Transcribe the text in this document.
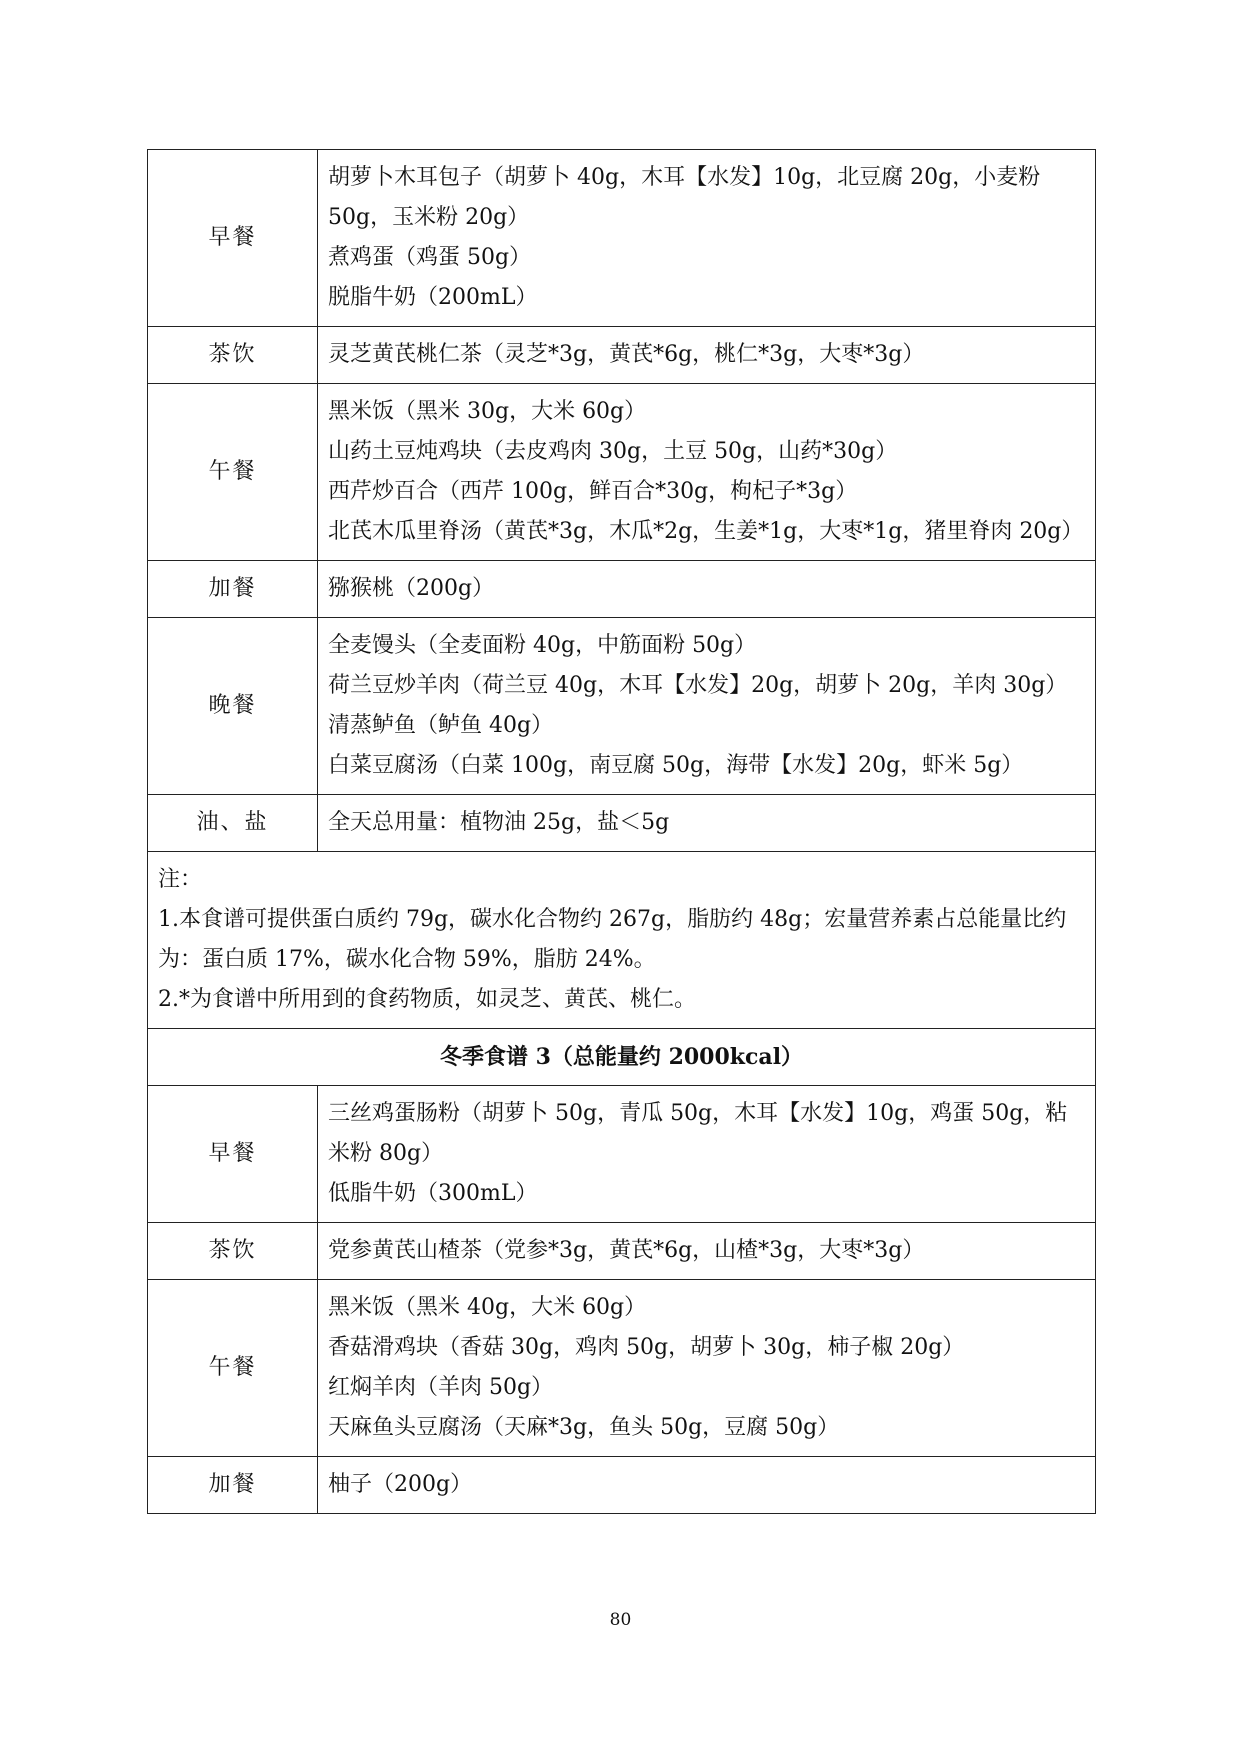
早餐	胡萝卜木耳包子（胡萝卜 40g，木耳【水发】10g，北豆腐 20g，小麦粉 50g，玉米粉 20g）
煮鸡蛋（鸡蛋 50g）
脱脂牛奶（200mL）

茶饮	灵芝黄芪桃仁茶（灵芝*3g，黄芪*6g，桃仁*3g，大枣*3g）

午餐	黑米饭（黑米 30g，大米 60g）
山药土豆炖鸡块（去皮鸡肉 30g，土豆 50g，山药*30g）
西芹炒百合（西芹 100g，鲜百合*30g，枸杞子*3g）
北芪木瓜里脊汤（黄芪*3g，木瓜*2g，生姜*1g，大枣*1g，猪里脊肉 20g）

加餐	猕猴桃（200g）

晚餐	全麦馒头（全麦面粉 40g，中筋面粉 50g）
荷兰豆炒羊肉（荷兰豆 40g，木耳【水发】20g，胡萝卜 20g，羊肉 30g）
清蒸鲈鱼（鲈鱼 40g）
白菜豆腐汤（白菜 100g，南豆腐 50g，海带【水发】20g，虾米 5g）

油、盐	全天总用量：植物油 25g，盐＜5g

注：
1.本食谱可提供蛋白质约 79g，碳水化合物约 267g，脂肪约 48g；宏量营养素占总能量比约为：蛋白质 17%，碳水化合物 59%，脂肪 24%。
2.*为食谱中所用到的食药物质，如灵芝、黄芪、桃仁。	

冬季食谱 3（总能量约 2000kcal）	
早餐	三丝鸡蛋肠粉（胡萝卜 50g，青瓜 50g，木耳【水发】10g，鸡蛋 50g，粘米粉 80g）
低脂牛奶（300mL）

茶饮	党参黄芪山楂茶（党参*3g，黄芪*6g，山楂*3g，大枣*3g）

午餐	黑米饭（黑米 40g，大米 60g）
香菇滑鸡块（香菇 30g，鸡肉 50g，胡萝卜 30g，柿子椒 20g）
红焖羊肉（羊肉 50g）
天麻鱼头豆腐汤（天麻*3g，鱼头 50g，豆腐 50g）

加餐	柚子（200g）
80
